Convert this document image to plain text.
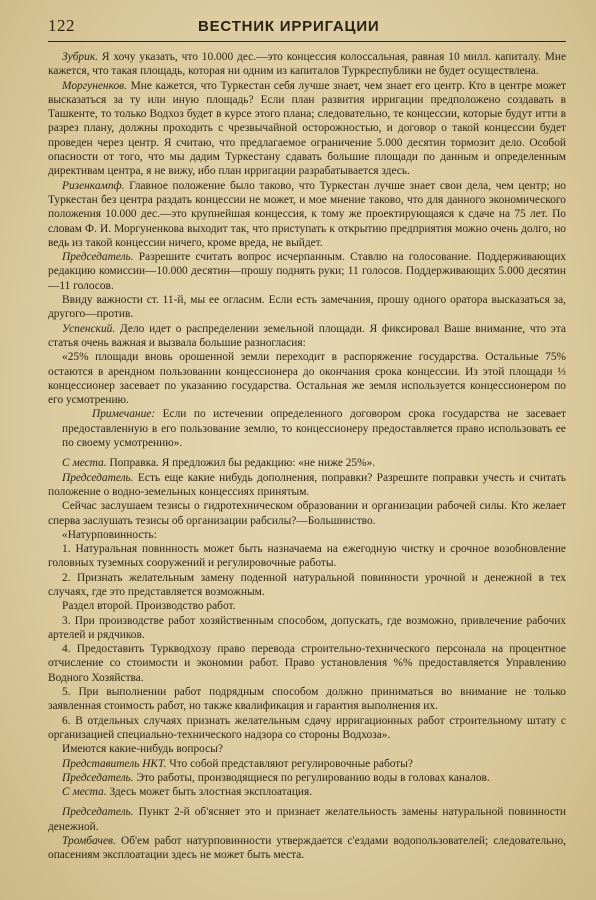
122	ВЕСТНИК ИРРИГАЦИИ

Зубрик. Я хочу указать, что 10.000 дес.—это концессия колоссальная, равная 10 милл. капиталу. Мне кажется, что такая площадь, которая ни одним из капиталов Туркреспублики не будет осуществлена.

Моргуненков. Мне кажется, что Туркестан себя лучше знает, чем знает его центр. Кто в центре может высказаться за ту или иную площадь? Если план развития ирригации предположено создавать в Ташкенте, то только Водхоз будет в курсе этого плана; следовательно, те концессии, которые будут итти в разрез плану, должны проходить с чрезвычайной осторожностью, и договор о такой концессии будет проведен через центр. Я считаю, что предлагаемое ограничение 5.000 десятин тормозит дело. Особой опасности от того, что мы дадим Туркестану сдавать большие площади по данным и определенным директивам центра, я не вижу, ибо план ирригации разрабатывается здесь.

Ризенкампф. Главное положение было таково, что Туркестан лучше знает свои дела, чем центр; но Туркестан без центра раздать концессии не может, и мое мнение таково, что для данного экономического положения 10.000 дес.—это крупнейшая концессия, к тому же проектирующаяся к сдаче на 75 лет. По словам Ф. И. Моргуненкова выходит так, что приступать к открытию предприятия можно очень долго, но ведь из такой концессии ничего, кроме вреда, не выйдет.

Председатель. Разрешите считать вопрос исчерпанным. Ставлю на голосование. Поддерживающих редакцию комиссии—10.000 десятин—прошу поднять руки; 11 голосов. Поддерживающих 5.000 десятин—11 голосов.

Ввиду важности ст. 11-й, мы ее огласим. Если есть замечания, прошу одного оратора высказаться за, другого—против.

Успенский. Дело идет о распределении земельной площади. Я фиксировал Ваше внимание, что эта статья очень важная и вызвала большие разногласия:

«25% площади вновь орошенной земли переходит в распоряжение государства. Остальные 75% остаются в арендном пользовании концессионера до окончания срока концессии. Из этой площади ⅓ концессионер засевает по указанию государства. Остальная же земля используется концессионером по его усмотрению.

Примечание: Если по истечении определенного договором срока государства не засевает предоставленную в его пользование землю, то концессионеру предоставляется право использовать ее по своему усмотрению».

С места. Поправка. Я предложил бы редакцию: «не ниже 25%».

Председатель. Есть еще какие нибудь дополнения, поправки? Разрешите поправки учесть и считать положение о водно-земельных концессиях принятым.

Сейчас заслушаем тезисы о гидротехническом образовании и организации рабочей силы. Кто желает сперва заслушать тезисы об организации рабсилы?—Большинство.

«Натурповинность:

1. Натуральная повинность может быть назначаема на ежегодную чистку и срочное возобновление головных туземных сооружений и регулировочные работы.

2. Признать желательным замену поденной натуральной повинности урочной и денежной в тех случаях, где это представляется возможным.

Раздел второй. Производство работ.

3. При производстве работ хозяйственным способом, допускать, где возможно, привлечение рабочих артелей и рядчиков.

4. Предоставить Туркводхозу право перевода строительно-технического персонала на процентное отчисление со стоимости и экономии работ. Право установления %% предоставляется Управлению Водного Хозяйства.

5. При выполнении работ подрядным способом должно приниматься во внимание не только заявленная стоимость работ, но также квалификация и гарантия выполнения их.

6. В отдельных случаях признать желательным сдачу ирригационных работ строительному штату с организацией специально-технического надзора со стороны Водхоза».

Имеются какие-нибудь вопросы?

Представитель НКТ. Что собой представляют регулировочные работы?

Председатель. Это работы, производящиеся по регулированию воды в головах каналов.

С места. Здесь может быть злостная эксплоатация.

Председатель. Пункт 2-й об'ясняет это и признает желательность замены натуральной повинности денежной.

Тромбачев. Об'ем работ натурповинности утверждается с'ездами водопользователей; следовательно, опасениям эксплоатации здесь не может быть места.
